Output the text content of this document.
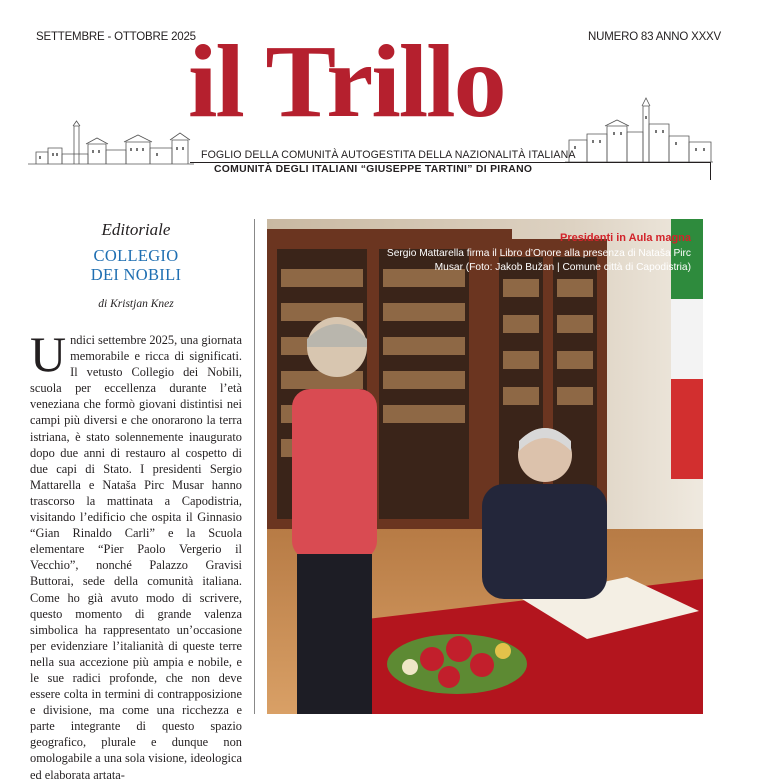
SETTEMBRE - OTTOBRE 2025	NUMERO 83 ANNO XXXV
il Trillo
FOGLIO DELLA COMUNITÀ AUTOGESTITA DELLA NAZIONALITÀ ITALIANA
COMUNITÀ DEGLI ITALIANI “GIUSEPPE TARTINI” DI PIRANO
Editoriale
COLLEGIO
DEI NOBILI
di Kristjan Knez
Undici settembre 2025, una giornata memorabile e ricca di significati. Il vetusto Collegio dei Nobili, scuola per eccellenza durante l’età veneziana che formò giovani distintisi nei campi più diversi e che onorarono la terra istriana, è stato solennemente inaugurato dopo due anni di restauro al cospetto di due capi di Stato. I presidenti Sergio Mattarella e Nataša Pirc Musar hanno trascorso la mattinata a Capodistria, visitando l’edificio che ospita il Ginnasio “Gian Rinaldo Carli” e la Scuola elementare “Pier Paolo Vergerio il Vecchio”, nonché Palazzo Gravisi Buttorai, sede della comunità italiana. Come ho già avuto modo di scrivere, questo momento di grande valenza simbolica ha rappresentato un’occasione per evidenziare l’italianità di queste terre nella sua accezione più ampia e nobile, e le sue radici profonde, che non deve essere colta in termini di contrapposizione e divisione, ma come una ricchezza e parte integrante di questo spazio geografico, plurale e dunque non omologabile a una sola visione, ideologica ed elaborata artata-
Presidenti in Aula magna
Sergio Mattarella firma il Libro d’Onore alla presenza di Nataša Pirc Musar (Foto: Jakob Bužan | Comune città di Capodistria)
